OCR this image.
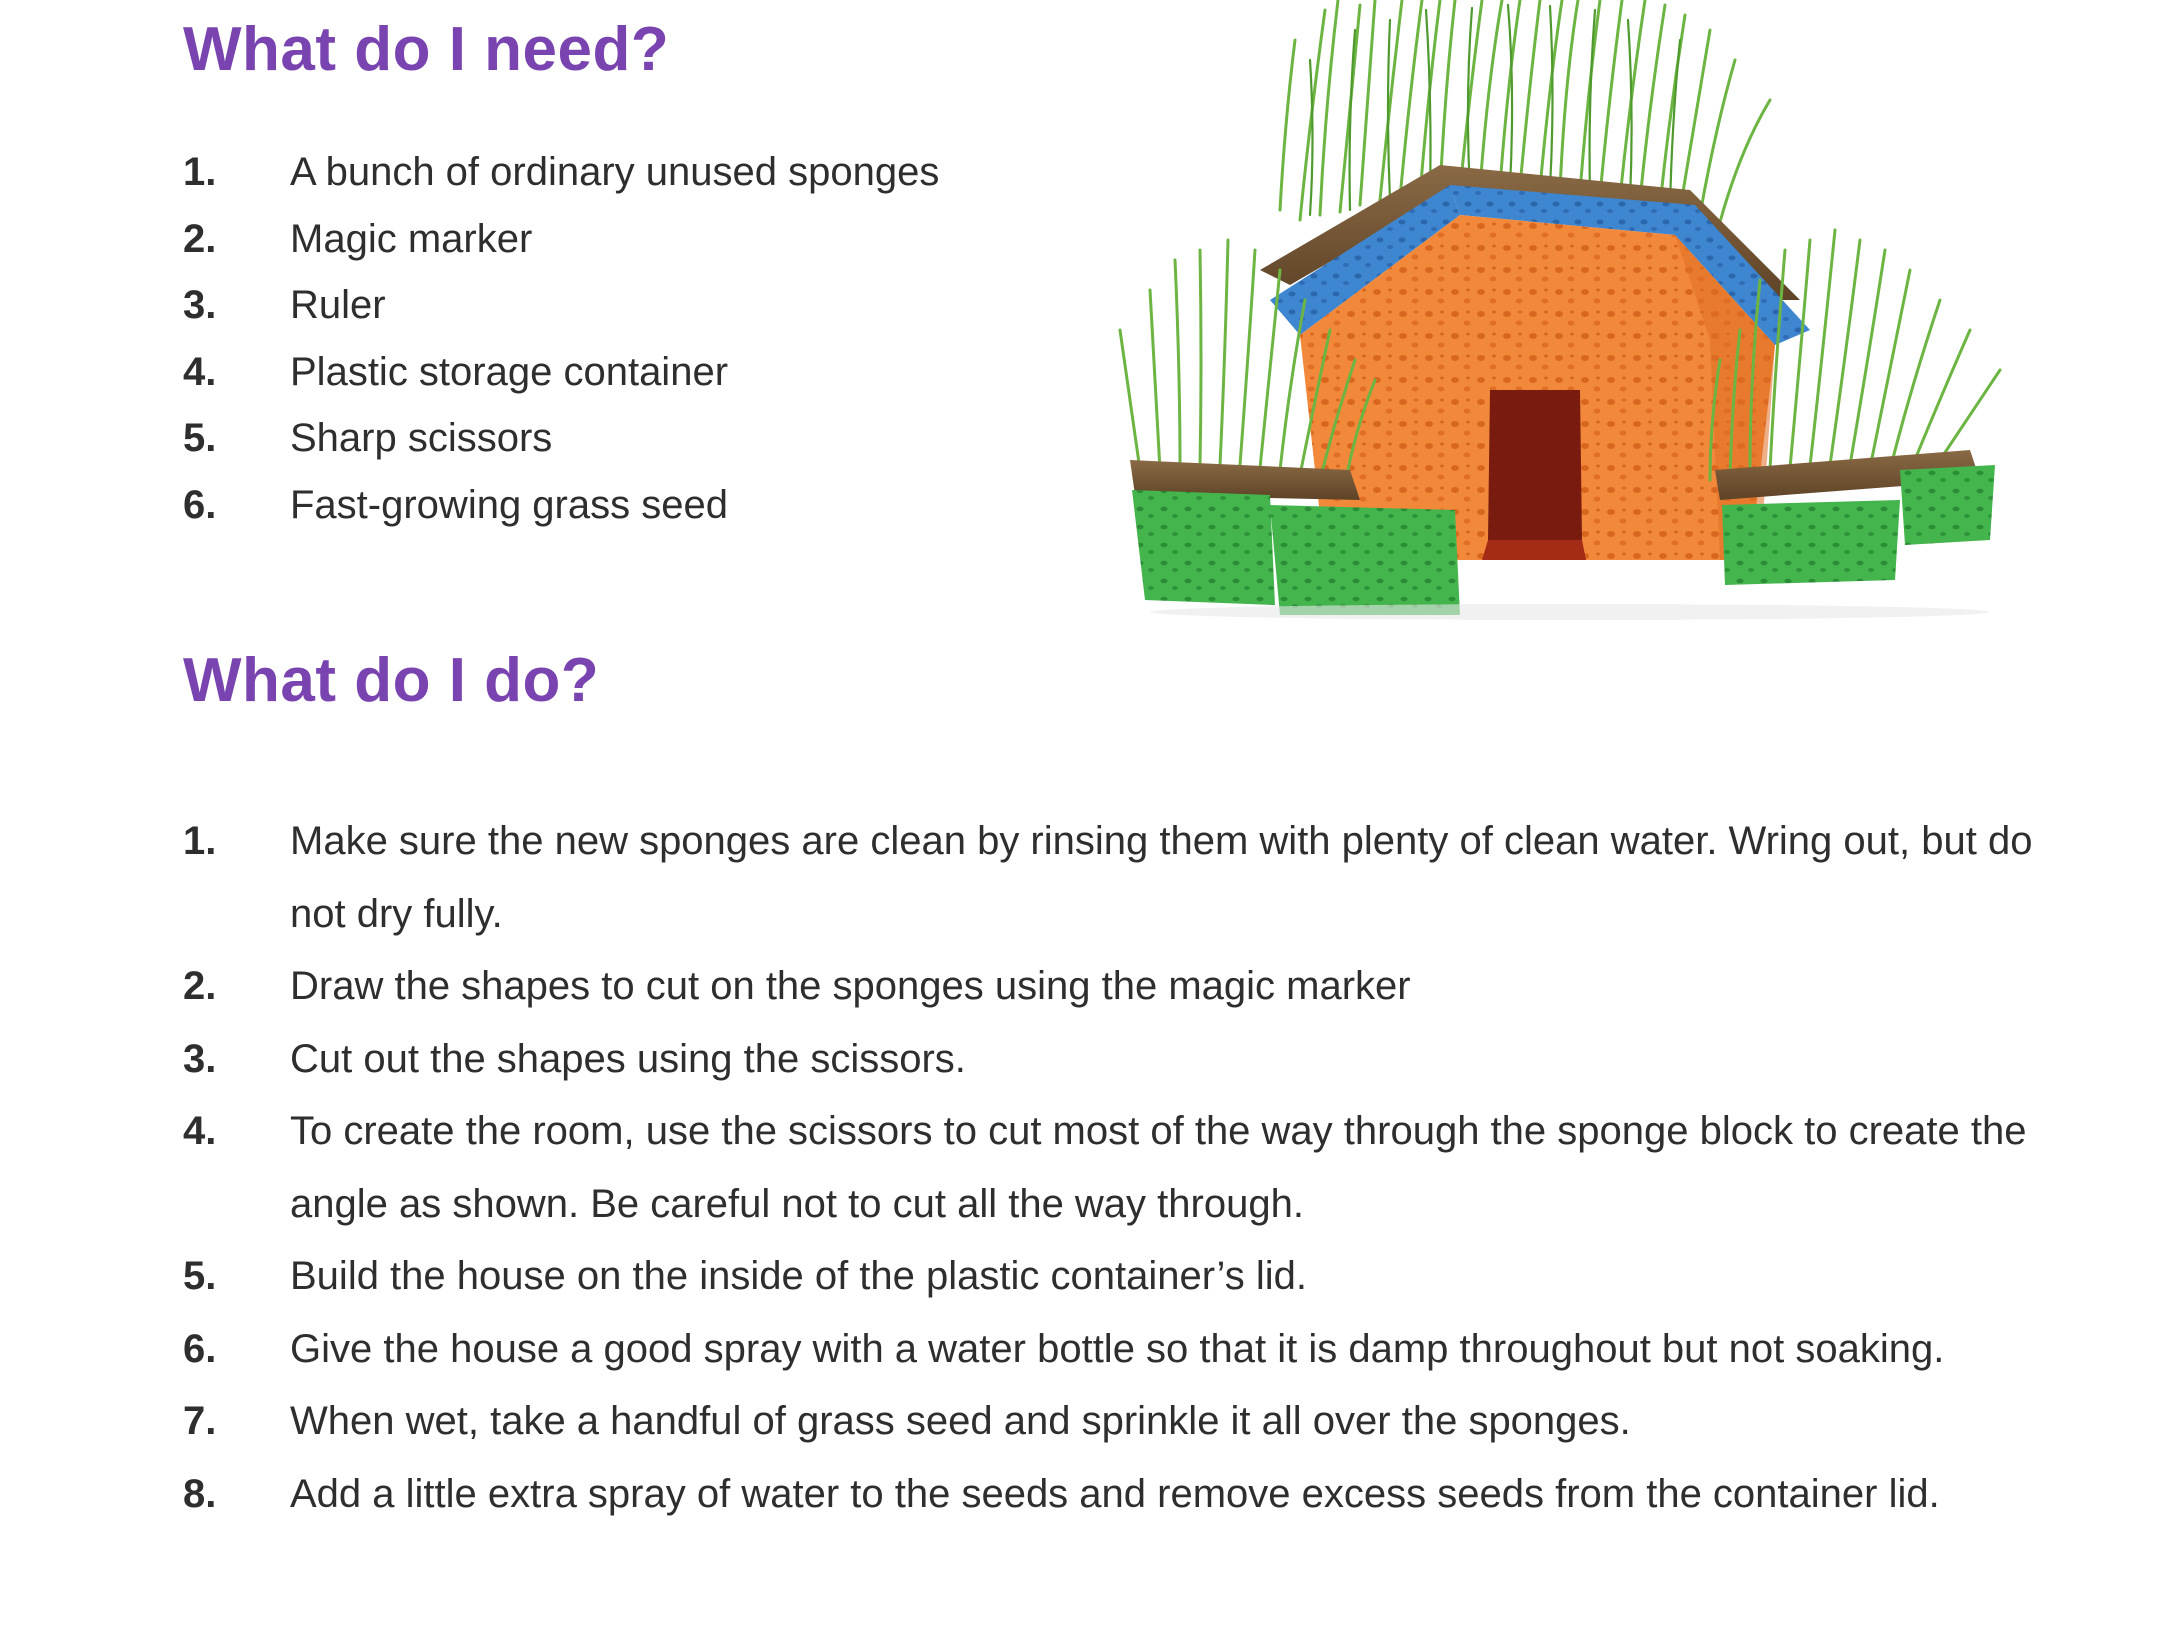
What do I need?
1.	A bunch of ordinary unused sponges
2.	Magic marker
3.	Ruler
4.	Plastic storage container
5.	Sharp scissors
6.	Fast-growing grass seed
What do I do?
1.	Make sure the new sponges are clean by rinsing them with plenty of clean water. Wring out, but do not dry fully.
2.	Draw the shapes to cut on the sponges using the magic marker
3.	Cut out the shapes using the scissors.
4.	To create the room, use the scissors to cut most of the way through the sponge block to create the angle as shown. Be careful not to cut all the way through.
5.	Build the house on the inside of the plastic container’s lid.
6.	Give the house a good spray with a water bottle so that it is damp throughout but not soaking.
7.	When wet, take a handful of grass seed and sprinkle it all over the sponges.
8.	Add a little extra spray of water to the seeds and remove excess seeds from the container lid.
